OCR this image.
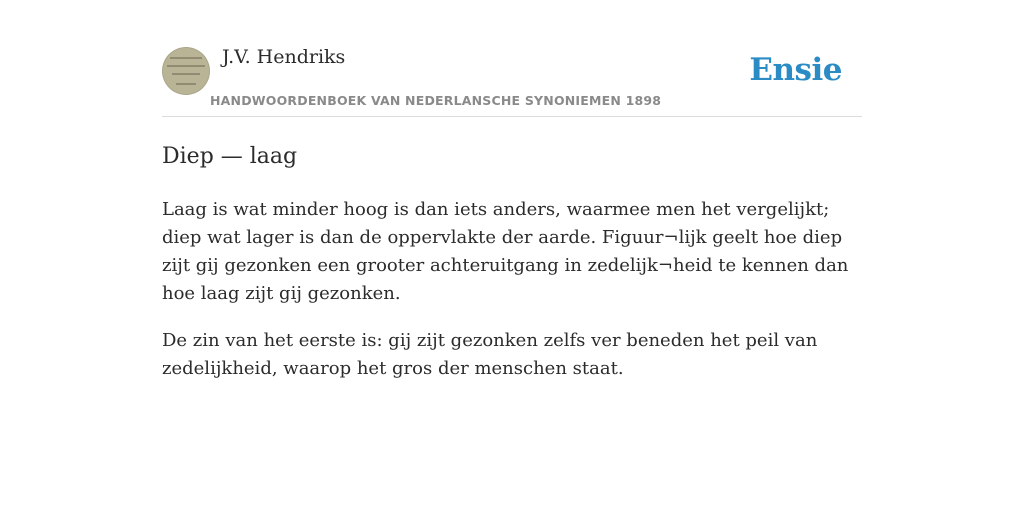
J.V. Hendriks
HANDWOORDENBOEK VAN NEDERLANSCHE SYNONIEMEN 1898
Ensie
Diep — laag

Laag is wat minder hoog is dan iets anders, waarmee men het vergelijkt; diep wat lager is dan de oppervlakte der aarde. Figuur¬lijk geelt hoe diep zijt gij gezonken een grooter achteruitgang in zedelijk¬heid te kennen dan hoe laag zijt gij gezonken.

De zin van het eerste is: gij zijt gezonken zelfs ver beneden het peil van zedelijkheid, waarop het gros der menschen staat.
